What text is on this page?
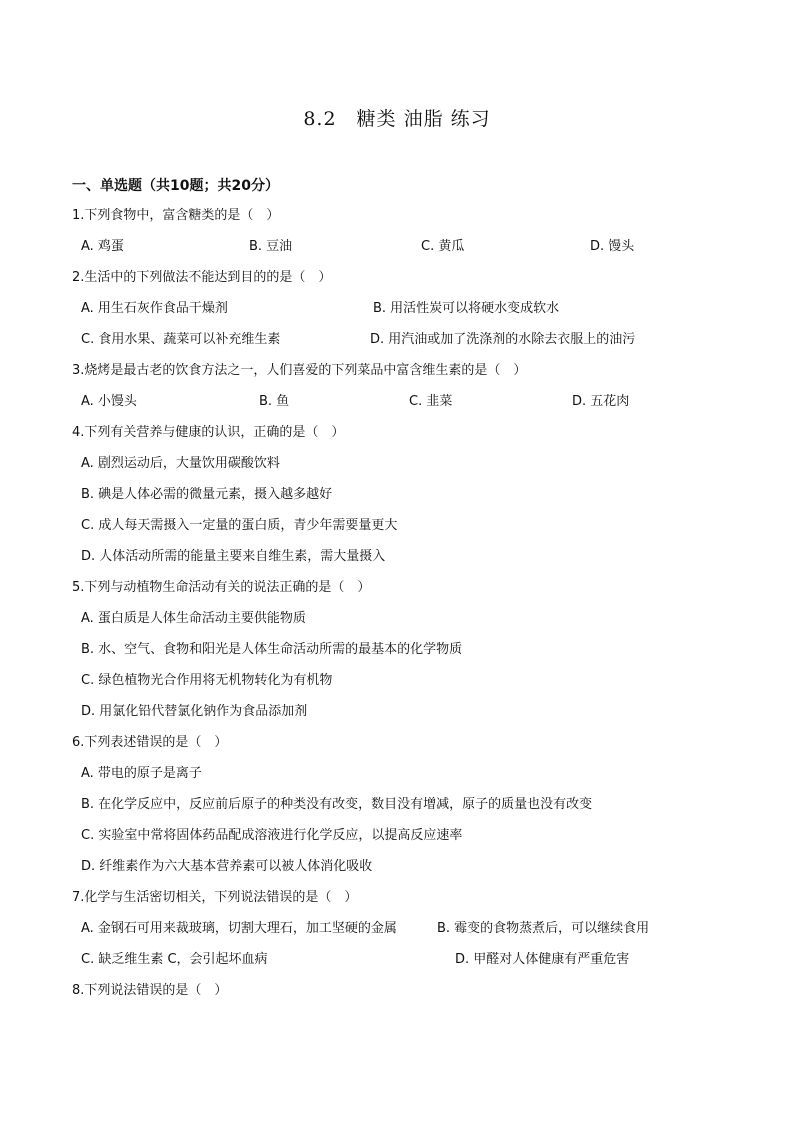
8.2　糖类 油脂 练习
一、单选题（共10题；共20分）
1.下列食物中，富含糖类的是（　）
A. 鸡蛋	B. 豆油	C. 黄瓜	D. 馒头
2.生活中的下列做法不能达到目的的是（　）
A. 用生石灰作食品干燥剂	B. 用活性炭可以将硬水变成软水
C. 食用水果、蔬菜可以补充维生素	D. 用汽油或加了洗涤剂的水除去衣服上的油污
3.烧烤是最古老的饮食方法之一，人们喜爱的下列菜品中富含维生素的是（　）
A. 小馒头	B. 鱼	C. 韭菜	D. 五花肉
4.下列有关营养与健康的认识，正确的是（　）
A. 剧烈运动后，大量饮用碳酸饮料
B. 碘是人体必需的微量元素，摄入越多越好
C. 成人每天需摄入一定量的蛋白质，青少年需要量更大
D. 人体活动所需的能量主要来自维生素，需大量摄入
5.下列与动植物生命活动有关的说法正确的是（　）
A. 蛋白质是人体生命活动主要供能物质
B. 水、空气、食物和阳光是人体生命活动所需的最基本的化学物质
C. 绿色植物光合作用将无机物转化为有机物
D. 用氯化铅代替氯化钠作为食品添加剂
6.下列表述错误的是（　）
A. 带电的原子是离子
B. 在化学反应中，反应前后原子的种类没有改变，数目没有增减，原子的质量也没有改变
C. 实验室中常将固体药品配成溶液进行化学反应，以提高反应速率
D. 纤维素作为六大基本营养素可以被人体消化吸收
7.化学与生活密切相关，下列说法错误的是（　）
A. 金钢石可用来裁玻璃，切割大理石，加工坚硬的金属	B. 霉变的食物蒸煮后，可以继续食用
C. 缺乏维生素 C，会引起坏血病	D. 甲醛对人体健康有严重危害
8.下列说法错误的是（　）
